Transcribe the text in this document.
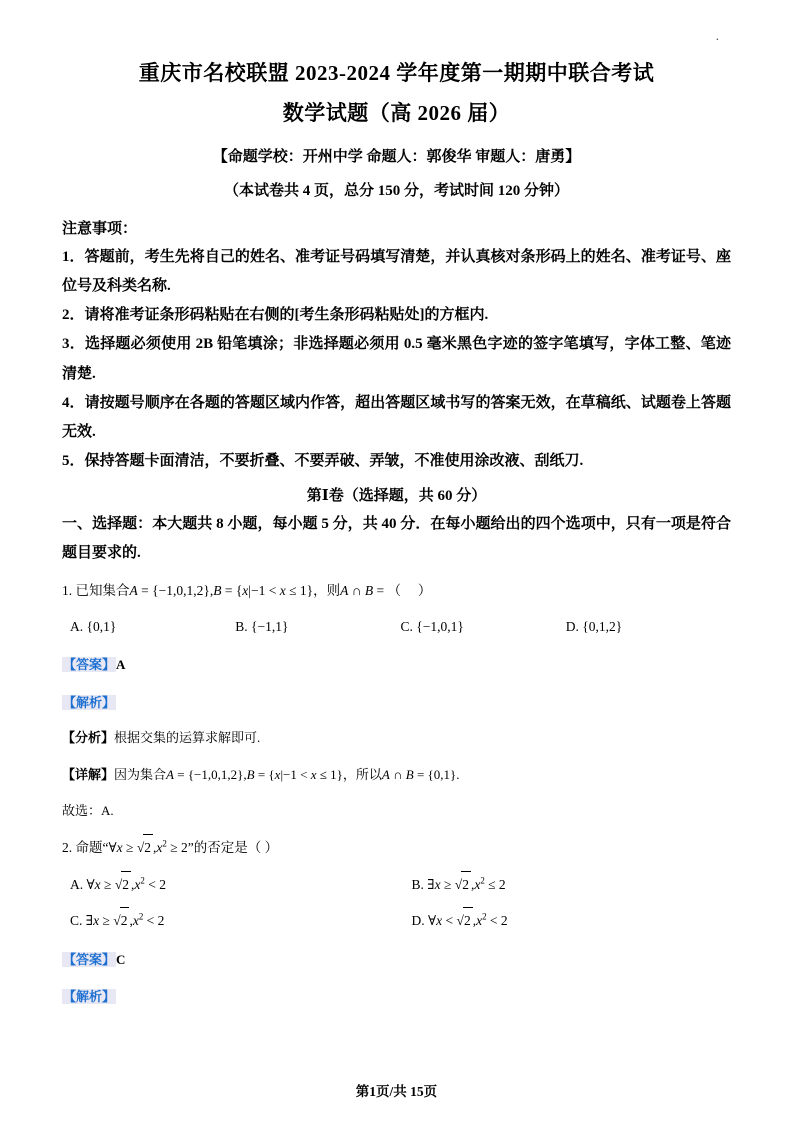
.
重庆市名校联盟 2023-2024 学年度第一期期中联合考试
数学试题（高 2026 届）
【命题学校：开州中学 命题人：郭俊华 审题人：唐勇】
（本试卷共 4 页，总分 150 分，考试时间 120 分钟）
注意事项：
1．答题前，考生先将自己的姓名、准考证号码填写清楚，并认真核对条形码上的姓名、准考证号、座位号及科类名称.
2．请将准考证条形码粘贴在右侧的[考生条形码粘贴处]的方框内.
3．选择题必须使用 2B 铅笔填涂；非选择题必须用 0.5 毫米黑色字迹的签字笔填写，字体工整、笔迹清楚.
4．请按题号顺序在各题的答题区域内作答，超出答题区域书写的答案无效，在草稿纸、试题卷上答题无效.
5．保持答题卡面清洁，不要折叠、不要弄破、弄皱，不准使用涂改液、刮纸刀.
第Ⅰ卷（选择题，共 60 分）
一、选择题：本大题共 8 小题，每小题 5 分，共 40 分．在每小题给出的四个选项中，只有一项是符合题目要求的.
1. 已知集合A = {−1,0,1,2},B = {x|−1 < x ≤ 1}，则A ∩ B = （     ）
A. {0,1}	B. {−1,1}	C. {−1,0,1}	D. {0,1,2}
【答案】A
【解析】
【分析】根据交集的运算求解即可.
【详解】因为集合A = {−1,0,1,2},B = {x|−1 < x ≤ 1}，所以A ∩ B = {0,1}.
故选：A.
2. 命题“∀x ≥ √2 $,x^2 \ge 2$”的否定是（ ）
A. ∀x ≥ √2 $,x^2 < 2$	B. ∃x ≥ √2 $,x^2 \le 2$
C. ∃x ≥ √2 $,x^2 < 2$	D. ∀x < √2 $,x^2 < 2$
【答案】C
【解析】
第1页/共 15页
